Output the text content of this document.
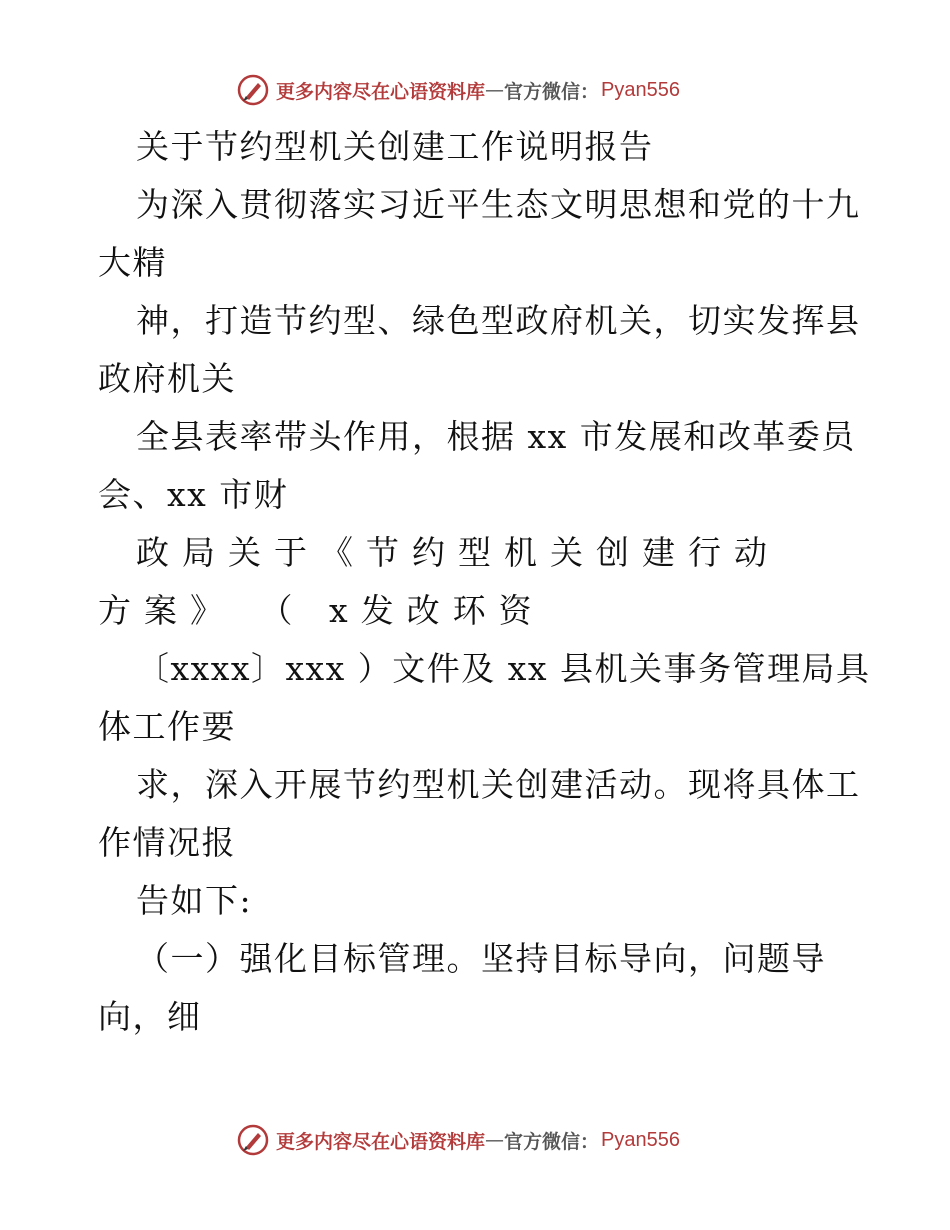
更多内容尽在心语资料库 — 官方微信： Pyan556
关于节约型机关创建工作说明报告
为深入贯彻落实习近平生态文明思想和党的十九
大精
神，打造节约型、绿色型政府机关，切实发挥县
政府机关
全县表率带头作用，根据 xx 市发展和改革委员
会、xx 市财
政局关于《节约型机关创建行动
方案》 （ x发改环资
〔xxxx〕xxx ）文件及 xx 县机关事务管理局具
体工作要
求，深入开展节约型机关创建活动。现将具体工
作情况报
告如下:
（一）强化目标管理。坚持目标导向，问题导
向，细
更多内容尽在心语资料库 — 官方微信： Pyan556
